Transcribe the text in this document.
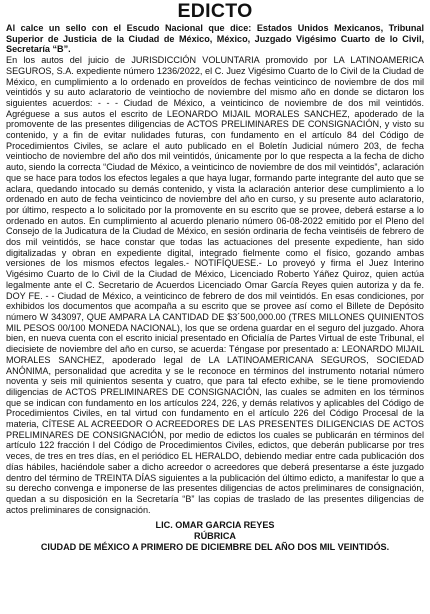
EDICTO

Al calce un sello con el Escudo Nacional que dice: Estados Unidos Mexicanos, Tribunal Superior de Justicia de la Ciudad de México, México, Juzgado Vigésimo Cuarto de lo Civil, Secretaría “B”.

En los autos del juicio de JURISDICCIÓN VOLUNTARIA promovido por LA LATINOAMERICA SEGUROS, S.A. expediente número 1236/2022, el C. Juez Vigésimo Cuarto de lo Civil de la Ciudad de México, en cumplimiento a lo ordenado en proveídos de fechas veinticinco de noviembre de dos mil veintidós y su auto aclaratorio de veintiocho de noviembre del mismo año en donde se dictaron los siguientes acuerdos: - - - Ciudad de México, a veinticinco de noviembre de dos mil veintidós. Agréguese a sus autos el escrito de LEONARDO MIJAIL MORALES SANCHEZ, apoderado de la promovente de las presentes diligencias de ACTOS PRELIMINARES DE CONSIGNACIÓN, y visto su contenido, y a fin de evitar nulidades futuras, con fundamento en el artículo 84 del Código de Procedimientos Civiles, se aclare el auto publicado en el Boletín Judicial número 203, de fecha veintiocho de noviembre del año dos mil veintidós, únicamente por lo que respecta a la fecha de dicho auto, siendo la correcta “Ciudad de México, a veinticinco de noviembre de dos mil veintidós”, aclaración que se hace para todos los efectos legales a que haya lugar, formando parte integrante del auto que se aclara, quedando intocado su demás contenido, y vista la aclaración anterior dese cumplimiento a lo ordenado en auto de fecha veinticinco de noviembre del año en curso, y su presente auto aclaratorio, por último, respecto a lo solicitado por la promovente en su escrito que se provee, deberá estarse a lo ordenado en autos. En cumplimiento al acuerdo plenario número 06-08-2022 emitido por el Pleno del Consejo de la Judicatura de la Ciudad de México, en sesión ordinaria de fecha veintiséis de febrero de dos mil veintidós, se hace constar que todas las actuaciones del presente expediente, han sido digitalizadas y obran en expediente digital, integrado fielmente como el físico, gozando ambas versiones de los mismos efectos legales.- NOTIFÍQUESE.- Lo proveyó y firma el Juez Interino Vigésimo Cuarto de lo Civil de la Ciudad de México, Licenciado Roberto Yáñez Quiroz, quien actúa legalmente ante el C. Secretario de Acuerdos Licenciado Omar García Reyes quien autoriza y da fe. DOY FE. - - Ciudad de México, a veinticinco de febrero de dos mil veintidós. En esas condiciones, por exhibidos los documentos que acompaña a su escrito que se provee así como el Billete de Depósito número W 343097, QUE AMPARA LA CANTIDAD DE $3´500,000.00 (TRES MILLONES QUINIENTOS MIL PESOS 00/100 MONEDA NACIONAL), los que se ordena guardar en el seguro del juzgado. Ahora bien, en nueva cuenta con el escrito inicial presentado en Oficialía de Partes Virtual de este Tribunal, el diecisiete de noviembre del año en curso, se acuerda: Téngase por presentado a: LEONARDO MIJAIL MORALES SANCHEZ, apoderado legal de LA LATINOAMERICANA SEGUROS, SOCIEDAD ANÓNIMA, personalidad que acredita y se le reconoce en términos del instrumento notarial número noventa y seis mil quinientos sesenta y cuatro, que para tal efecto exhibe, se le tiene promoviendo diligencias de ACTOS PRELIMINARES DE CONSIGNACIÓN, las cuales se admiten en los términos que se indican con fundamento en los artículos 224, 226, y demás relativos y aplicables del Código de Procedimientos Civiles, en tal virtud con fundamento en el artículo 226 del Código Procesal de la materia, CÍTESE AL ACREEDOR O ACREEDORES DE LAS PRESENTES DILIGENCIAS DE ACTOS PRELIMINARES DE CONSIGNACIÓN, por medio de edictos los cuales se publicarán en términos del artículo 122 fracción I del Código de Procedimientos Civiles, edictos, que deberán publicarse por tres veces, de tres en tres días, en el periódico EL HERALDO, debiendo mediar entre cada publicación dos días hábiles, haciéndole saber a dicho acreedor o acreedores que deberá presentarse a éste juzgado dentro del término de TREINTA DÍAS siguientes a la publicación del último edicto, a manifestar lo que a su derecho convenga e imponerse de las presentes diligencias de actos preliminares de consignación, quedan a su disposición en la Secretaría “B” las copias de traslado de las presentes diligencias de actos preliminares de consignación.

LIC. OMAR GARCIA REYES
RÚBRICA
CIUDAD DE MÉXICO A PRIMERO DE DICIEMBRE DEL AÑO DOS MIL VEINTIDÓS.
